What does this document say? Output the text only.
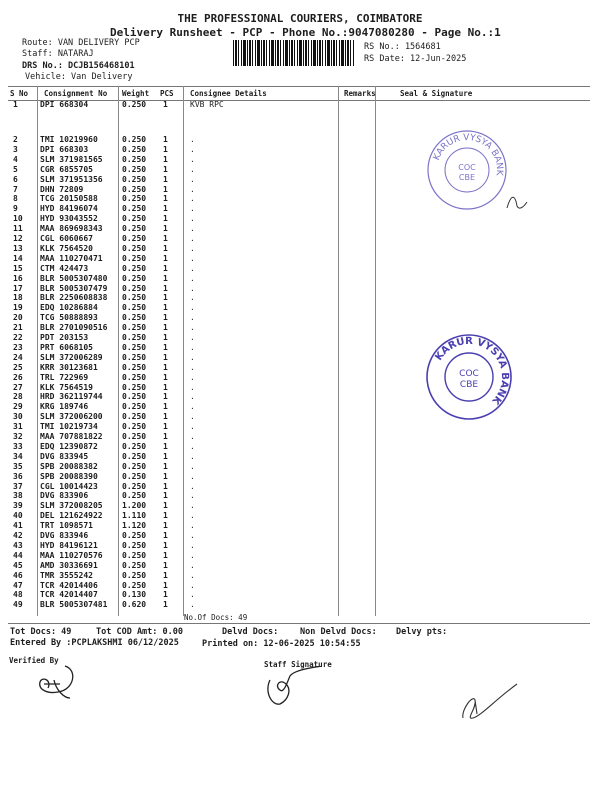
THE PROFESSIONAL COURIERS, COIMBATORE
Delivery Runsheet - PCP - Phone No.:9047080280 - Page No.:1
Route: VAN DELIVERY PCP
Staff: NATARAJ
DRS No.: DCJB156468101
Vehicle: Van Delivery
RS No.: 1564681
RS Date: 12-Jun-2025
S No Consignment No Weight PCS Consignee Details	Remarks	Seal & Signature
1	DPI 668304	0.250 1	KVB RPC
2	TMI 10219960	0.250 1	.
3	DPI 668303	0.250 1	.
4	SLM 371981565 0.250 1	.
5	CGR 6855705	0.250 1	.
6	SLM 371951356 0.250 1	.
7	DHN 72809	0.250 1	.
8	TCG 20150588	0.250 1	.
9	HYD 84196074	0.250 1	.
10 HYD 93043552	0.250 1	.
11 MAA 869698343 0.250 1	.
12 CGL 6060667	0.250 1	.
13 KLK 7564520	0.250 1	.
14 MAA 110270471 0.250 1	.
15 CTM 424473	0.250 1	.
16 BLR 5005307480 0.250 1	.
17 BLR 5005307479 0.250 1	.
18 BLR 2250608838 0.250 1	.
19 EDQ 10286884	0.250 1	.
20 TCG 50888893	0.250 1	.
21 BLR 2701090516 0.250 1	.
22 PDT 203153	0.250 1	.
23 PRT 6068105	0.250 1	.
24 SLM 372006289 0.250 1	.
25 KRR 30123681	0.250 1	.
26 TRL 722969	0.250 1	.
27 KLK 7564519	0.250 1	.
28 HRD 362119744 0.250 1	.
29 KRG 189746	0.250 1	.
30 SLM 372006200 0.250 1	.
31 TMI 10219734	0.250 1	.
32 MAA 707881822 0.250 1	.
33 EDQ 12390872	0.250 1	.
34 DVG 833945	0.250 1	.
35 SPB 20088382	0.250 1	.
36 SPB 20088390	0.250 1	.
37 CGL 10014423	0.250 1	.
38 DVG 833906	0.250 1	.
39 SLM 372008205 1.200 1	.
40 DEL 121624922 1.110 1	.
41 TRT 1098571	1.120 1	.
42 DVG 833946	0.250 1	.
43 HYD 84196121	0.250 1	.
44 MAA 110270576 0.250 1	.
45 AMD 30336691	0.250 1	.
46 TMR 3555242	0.250 1	.
47 TCR 42014406	0.250 1	.
48 TCR 42014407	0.130 1	.
49 BLR 5005307481 0.620 1	.
No.Of Docs: 49
Tot Docs: 49	Tot COD Amt: 0.00	Delvd Docs:	Non Delvd Docs: Delvy pts:
Entered By :PCPLAKSHMI 06/12/2025	Printed on: 12-06-2025 10:54:55
Verified By	Staff Signature
KARUR VYSYA BANK
COC
CBE
KARUR VYSYA BANK
COC
CBE
